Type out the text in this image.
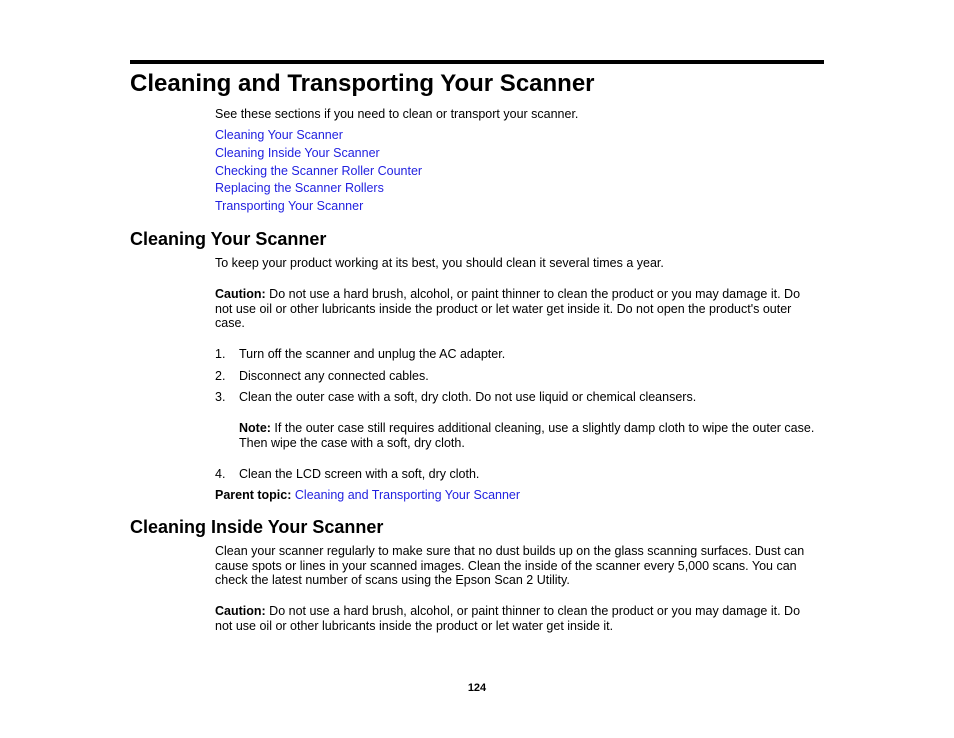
Cleaning and Transporting Your Scanner

See these sections if you need to clean or transport your scanner.

Cleaning Your Scanner
Cleaning Inside Your Scanner
Checking the Scanner Roller Counter
Replacing the Scanner Rollers
Transporting Your Scanner
Cleaning Your Scanner

To keep your product working at its best, you should clean it several times a year.

Caution: Do not use a hard brush, alcohol, or paint thinner to clean the product or you may damage it. Do not use oil or other lubricants inside the product or let water get inside it. Do not open the product's outer case.

1. Turn off the scanner and unplug the AC adapter.
2. Disconnect any connected cables.
3. Clean the outer case with a soft, dry cloth. Do not use liquid or chemical cleansers.

Note: If the outer case still requires additional cleaning, use a slightly damp cloth to wipe the outer case. Then wipe the case with a soft, dry cloth.

4. Clean the LCD screen with a soft, dry cloth.

Parent topic: Cleaning and Transporting Your Scanner

Cleaning Inside Your Scanner

Clean your scanner regularly to make sure that no dust builds up on the glass scanning surfaces. Dust can cause spots or lines in your scanned images. Clean the inside of the scanner every 5,000 scans. You can check the latest number of scans using the Epson Scan 2 Utility.

Caution: Do not use a hard brush, alcohol, or paint thinner to clean the product or you may damage it. Do not use oil or other lubricants inside the product or let water get inside it.

124
